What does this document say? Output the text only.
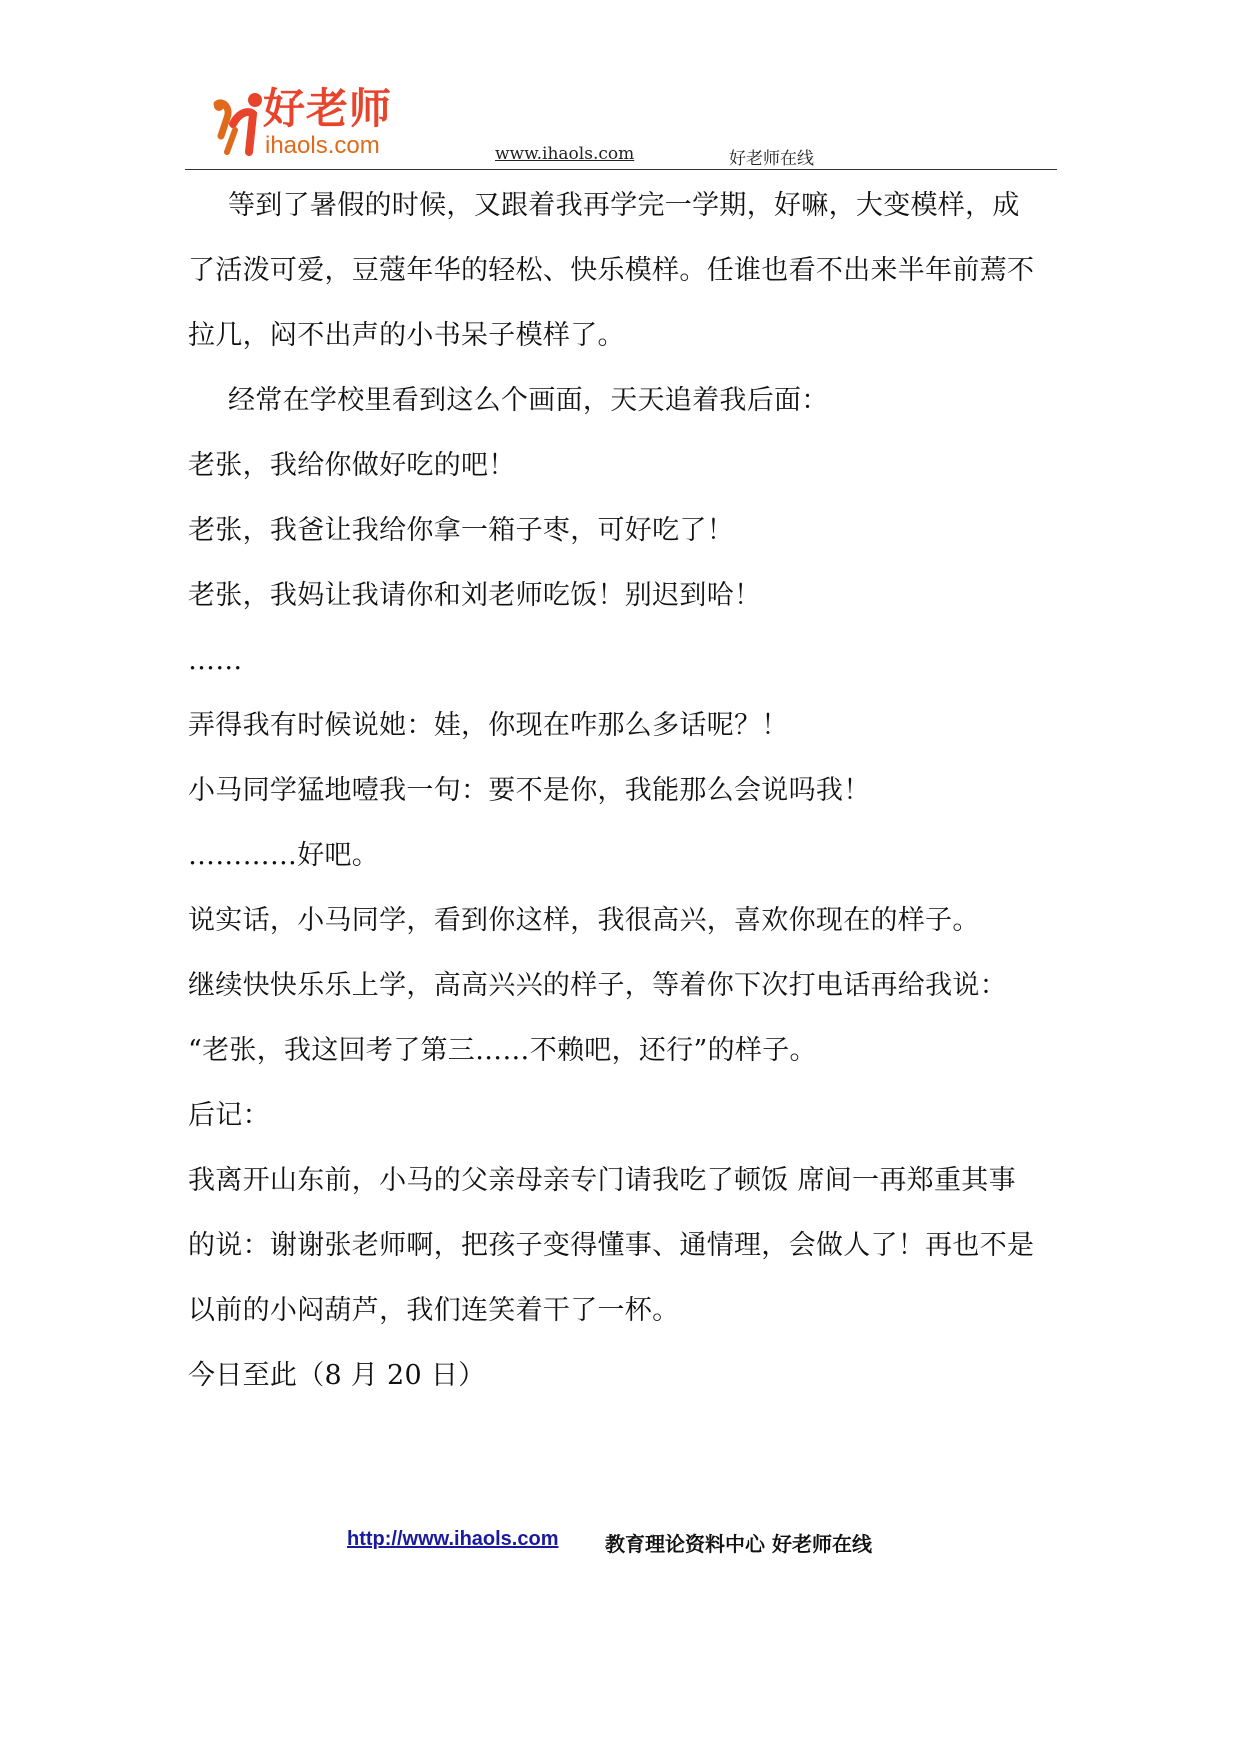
好老师
ihaols.com	www.ihaols.com	好老师在线
等到了暑假的时候，又跟着我再学完一学期，好嘛，大变模样，成
了活泼可爱，豆蔻年华的轻松、快乐模样。任谁也看不出来半年前蔫不
拉几，闷不出声的小书呆子模样了。
经常在学校里看到这么个画面，天天追着我后面：
老张，我给你做好吃的吧！
老张，我爸让我给你拿一箱子枣，可好吃了！
老张，我妈让我请你和刘老师吃饭！别迟到哈！
……
弄得我有时候说她：娃，你现在咋那么多话呢？！
小马同学猛地噎我一句：要不是你，我能那么会说吗我！
…………好吧。
说实话，小马同学，看到你这样，我很高兴，喜欢你现在的样子。
继续快快乐乐上学，高高兴兴的样子，等着你下次打电话再给我说：
“老张，我这回考了第三……不赖吧，还行”的样子。
后记：
我离开山东前，小马的父亲母亲专门请我吃了顿饭 席间一再郑重其事
的说：谢谢张老师啊，把孩子变得懂事、通情理，会做人了！再也不是
以前的小闷葫芦，我们连笑着干了一杯。
今日至此（8 月 20 日）
http://www.ihaols.com 教育理论资料中心 好老师在线
